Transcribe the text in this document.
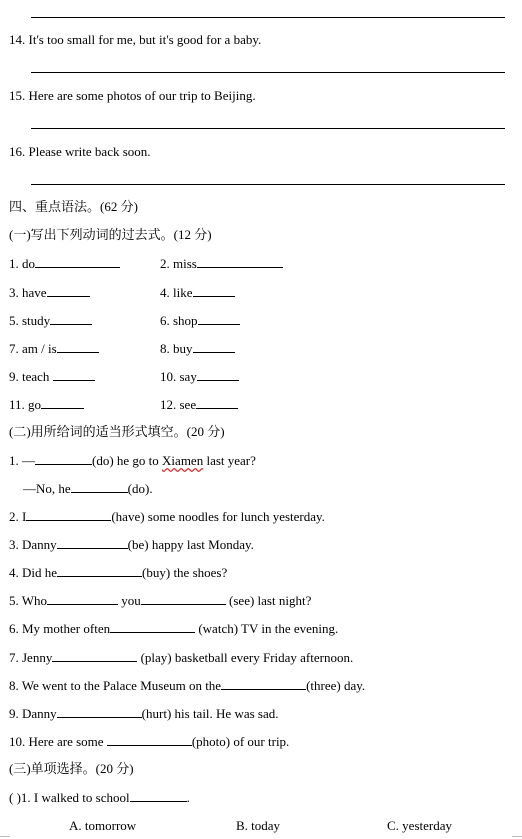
14. It's too small for me, but it's good for a baby.
15. Here are some photos of our trip to Beijing.
16. Please write back soon.
四、重点语法。(62 分)
(一)写出下列动词的过去式。(12 分)
1. do	2. miss
3. have	4. like
5. study	6. shop
7. am / is	8. buy
9. teach	10. say
11. go	12. see
(二)用所给词的适当形式填空。(20 分)
1. —	(do) he go to Xiamen last year?
—No, he	(do).
2. I	(have) some noodles for lunch yesterday.
3. Danny	(be) happy last Monday.
4. Did he	(buy) the shoes?
5. Who	you	(see) last night?
6. My mother often	(watch) TV in the evening.
7. Jenny	(play) basketball every Friday afternoon.
8. We went to the Palace Museum on the	(three) day.
9. Danny	(hurt) his tail. He was sad.
10. Here are some	(photo) of our trip.
(三)单项选择。(20 分)
( )1. I walked to school	.
A. tomorrow	B. today	C. yesterday
